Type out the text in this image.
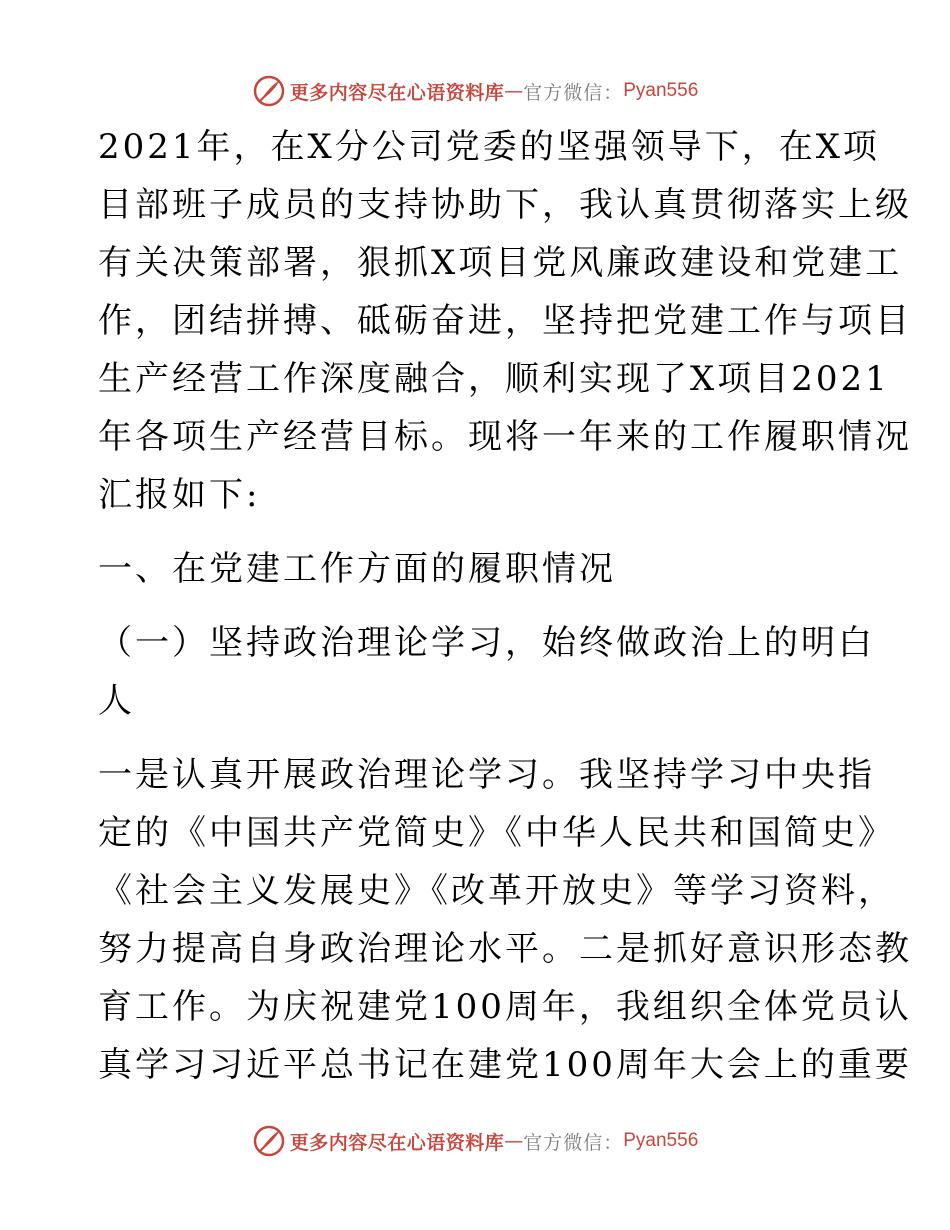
更多内容尽在心语资料库 — 官方微信： Pyan556
2021年，在X分公司党委的坚强领导下，在X项
目部班子成员的支持协助下，我认真贯彻落实上级
有关决策部署，狠抓X项目党风廉政建设和党建工
作，团结拼搏、砥砺奋进，坚持把党建工作与项目
生产经营工作深度融合，顺利实现了X项目2021
年各项生产经营目标。现将一年来的工作履职情况
汇报如下:
一、在党建工作方面的履职情况
（一）坚持政治理论学习，始终做政治上的明白
人
一是认真开展政治理论学习。我坚持学习中央指
定的《中国共产党简史》《中华人民共和国简史》
《社会主义发展史》《改革开放史》等学习资料，
努力提高自身政治理论水平。二是抓好意识形态教
育工作。为庆祝建党100周年，我组织全体党员认
真学习习近平总书记在建党100周年大会上的重要
更多内容尽在心语资料库 — 官方微信： Pyan556
